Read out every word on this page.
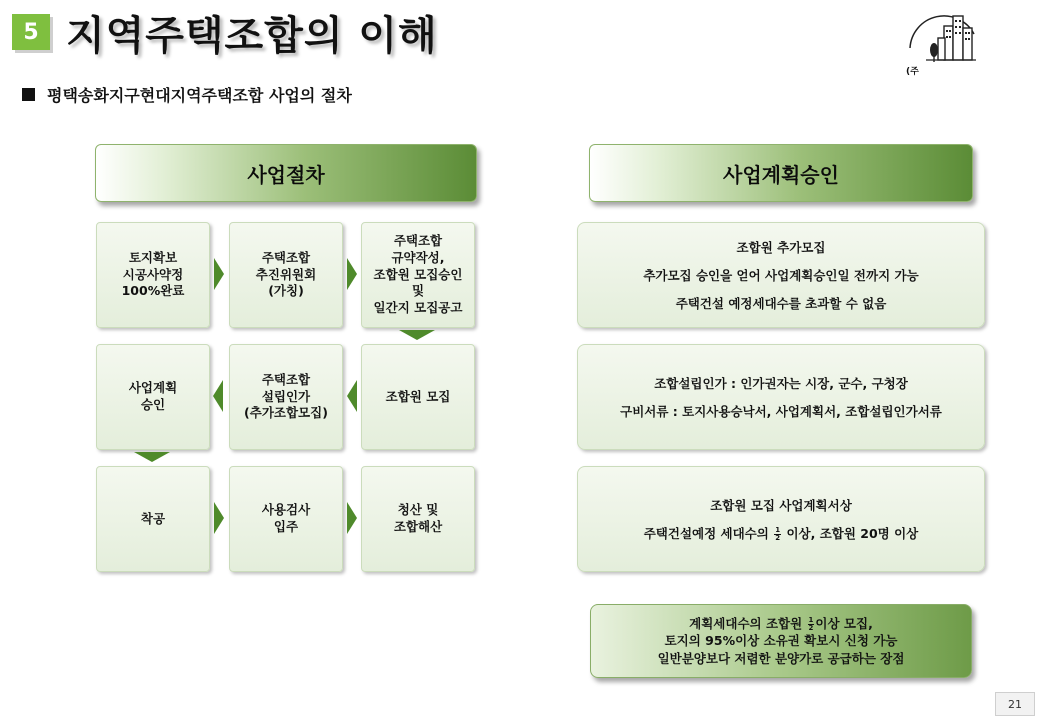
5 지역주택조합의 이해
(주
평택송화지구현대지역주택조합 사업의 절차
사업절차	사업계획승인
토지확보
시공사약정
100%완료
주택조합
추진위원회
(가칭)
주택조합
규약작성,
조합원 모집승인
및
일간지 모집공고
사업계획
승인
주택조합
설립인가
(추가조합모집)
조합원 모집
착공
사용검사
입주
청산 및
조합해산
조합원 추가모집
추가모집 승인을 얻어 사업계획승인일 전까지 가능
주택건설 예정세대수를 초과할 수 없음
조합설립인가 : 인가권자는 시장, 군수, 구청장
구비서류 : 토지사용승낙서, 사업계획서, 조합설립인가서류
조합원 모집 사업계획서상
주택건설예정 세대수의 $\frac{1}{2}$ 이상, 조합원 20명 이상
계획세대수의 조합원 $\frac{1}{2}$ 이상 모집,
토지의 95%이상 소유권 확보시 신청 가능
일반분양보다 저렴한 분양가로 공급하는 장점
21
